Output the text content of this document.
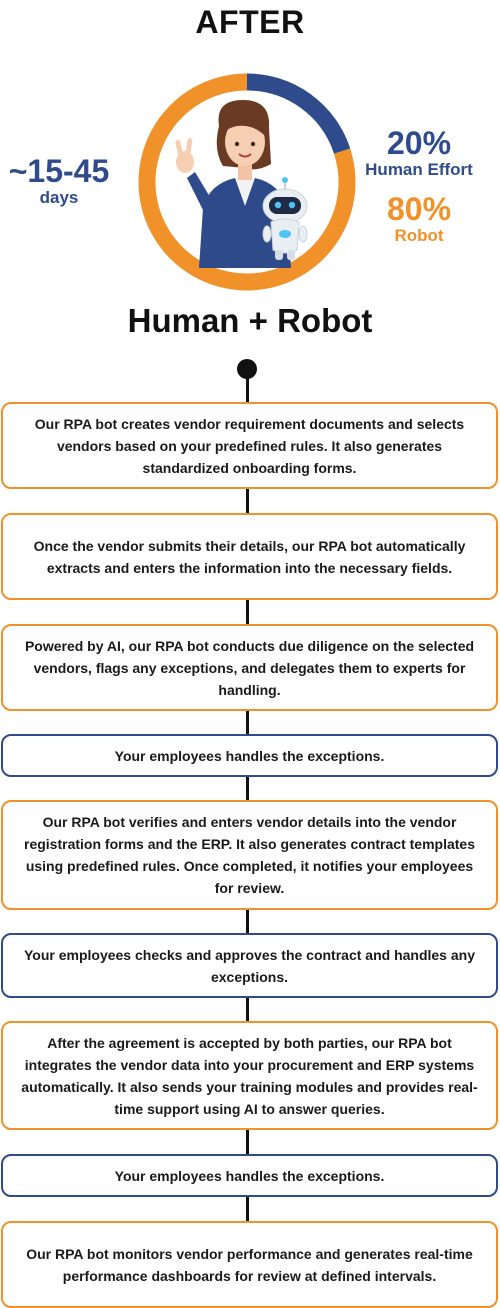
AFTER
~15-45
days
20%
Human Effort
80%
Robot
Human + Robot
Our RPA bot creates vendor requirement documents and selects vendors based on your predefined rules. It also generates standardized onboarding forms.
Once the vendor submits their details, our RPA bot automatically extracts and enters the information into the necessary fields.
Powered by AI, our RPA bot conducts due diligence on the selected vendors, flags any exceptions, and delegates them to experts for handling.
Your employees handles the exceptions.
Our RPA bot verifies and enters vendor details into the vendor registration forms and the ERP. It also generates contract templates using predefined rules. Once completed, it notifies your employees for review.
Your employees checks and approves the contract and handles any exceptions.
After the agreement is accepted by both parties, our RPA bot integrates the vendor data into your procurement and ERP systems automatically. It also sends your training modules and provides real-time support using AI to answer queries.
Your employees handles the exceptions.
Our RPA bot monitors vendor performance and generates real-time performance dashboards for review at defined intervals.
